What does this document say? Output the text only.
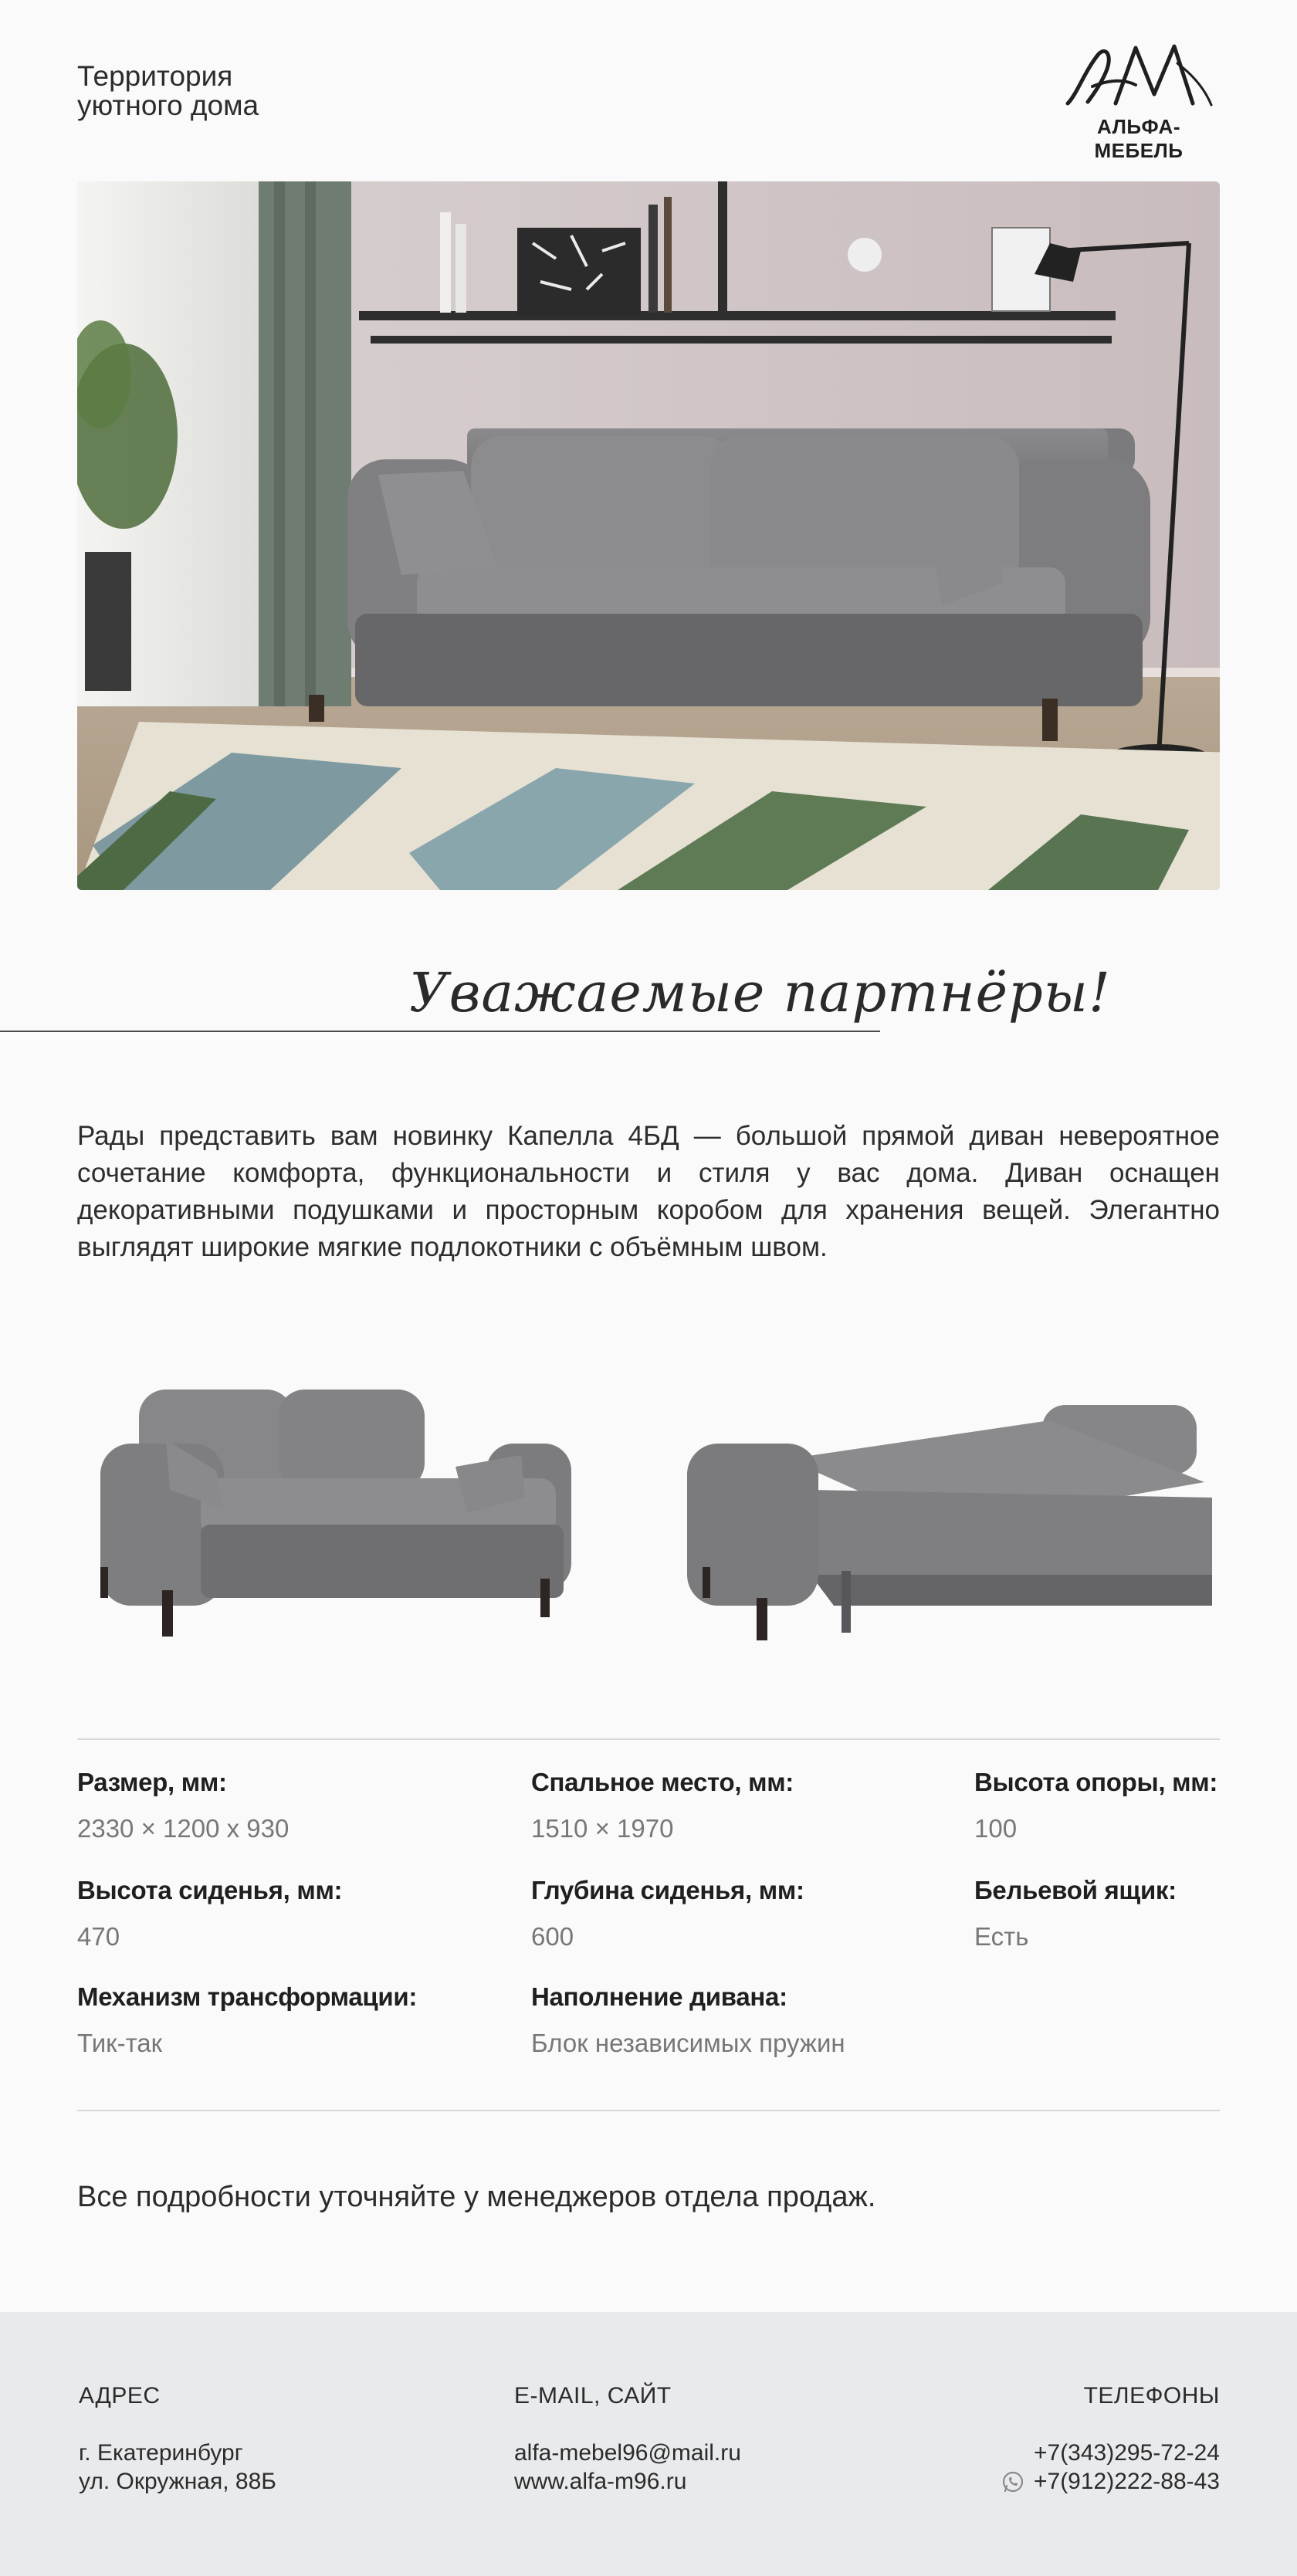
Территория
уютного дома
АЛЬФА-МЕБЕЛЬ
Уважаемые партнёры!
Рады представить вам новинку Капелла 4БД — большой прямой диван невероятное сочетание комфорта, функциональности и стиля у вас дома. Диван оснащен декоративными подушками и просторным коробом для хранения вещей. Элегантно выглядят широкие мягкие подлокотники с объёмным швом.
Размер, мм:
2330 × 1200 х 930
Спальное место, мм:
1510 × 1970
Высота опоры, мм:
100
Высота сиденья, мм:
470
Глубина сиденья, мм:
600
Бельевой ящик:
Есть
Механизм трансформации:
Тик-так
Наполнение дивана:
Блок независимых пружин
Все подробности уточняйте у менеджеров отдела продаж.
АДРЕС
г. Екатеринбург
ул. Окружная, 88Б
E-MAIL, САЙТ
alfa-mebel96@mail.ru
www.alfa-m96.ru
ТЕЛЕФОНЫ
+7(343)295-72-24
+7(912)222-88-43
